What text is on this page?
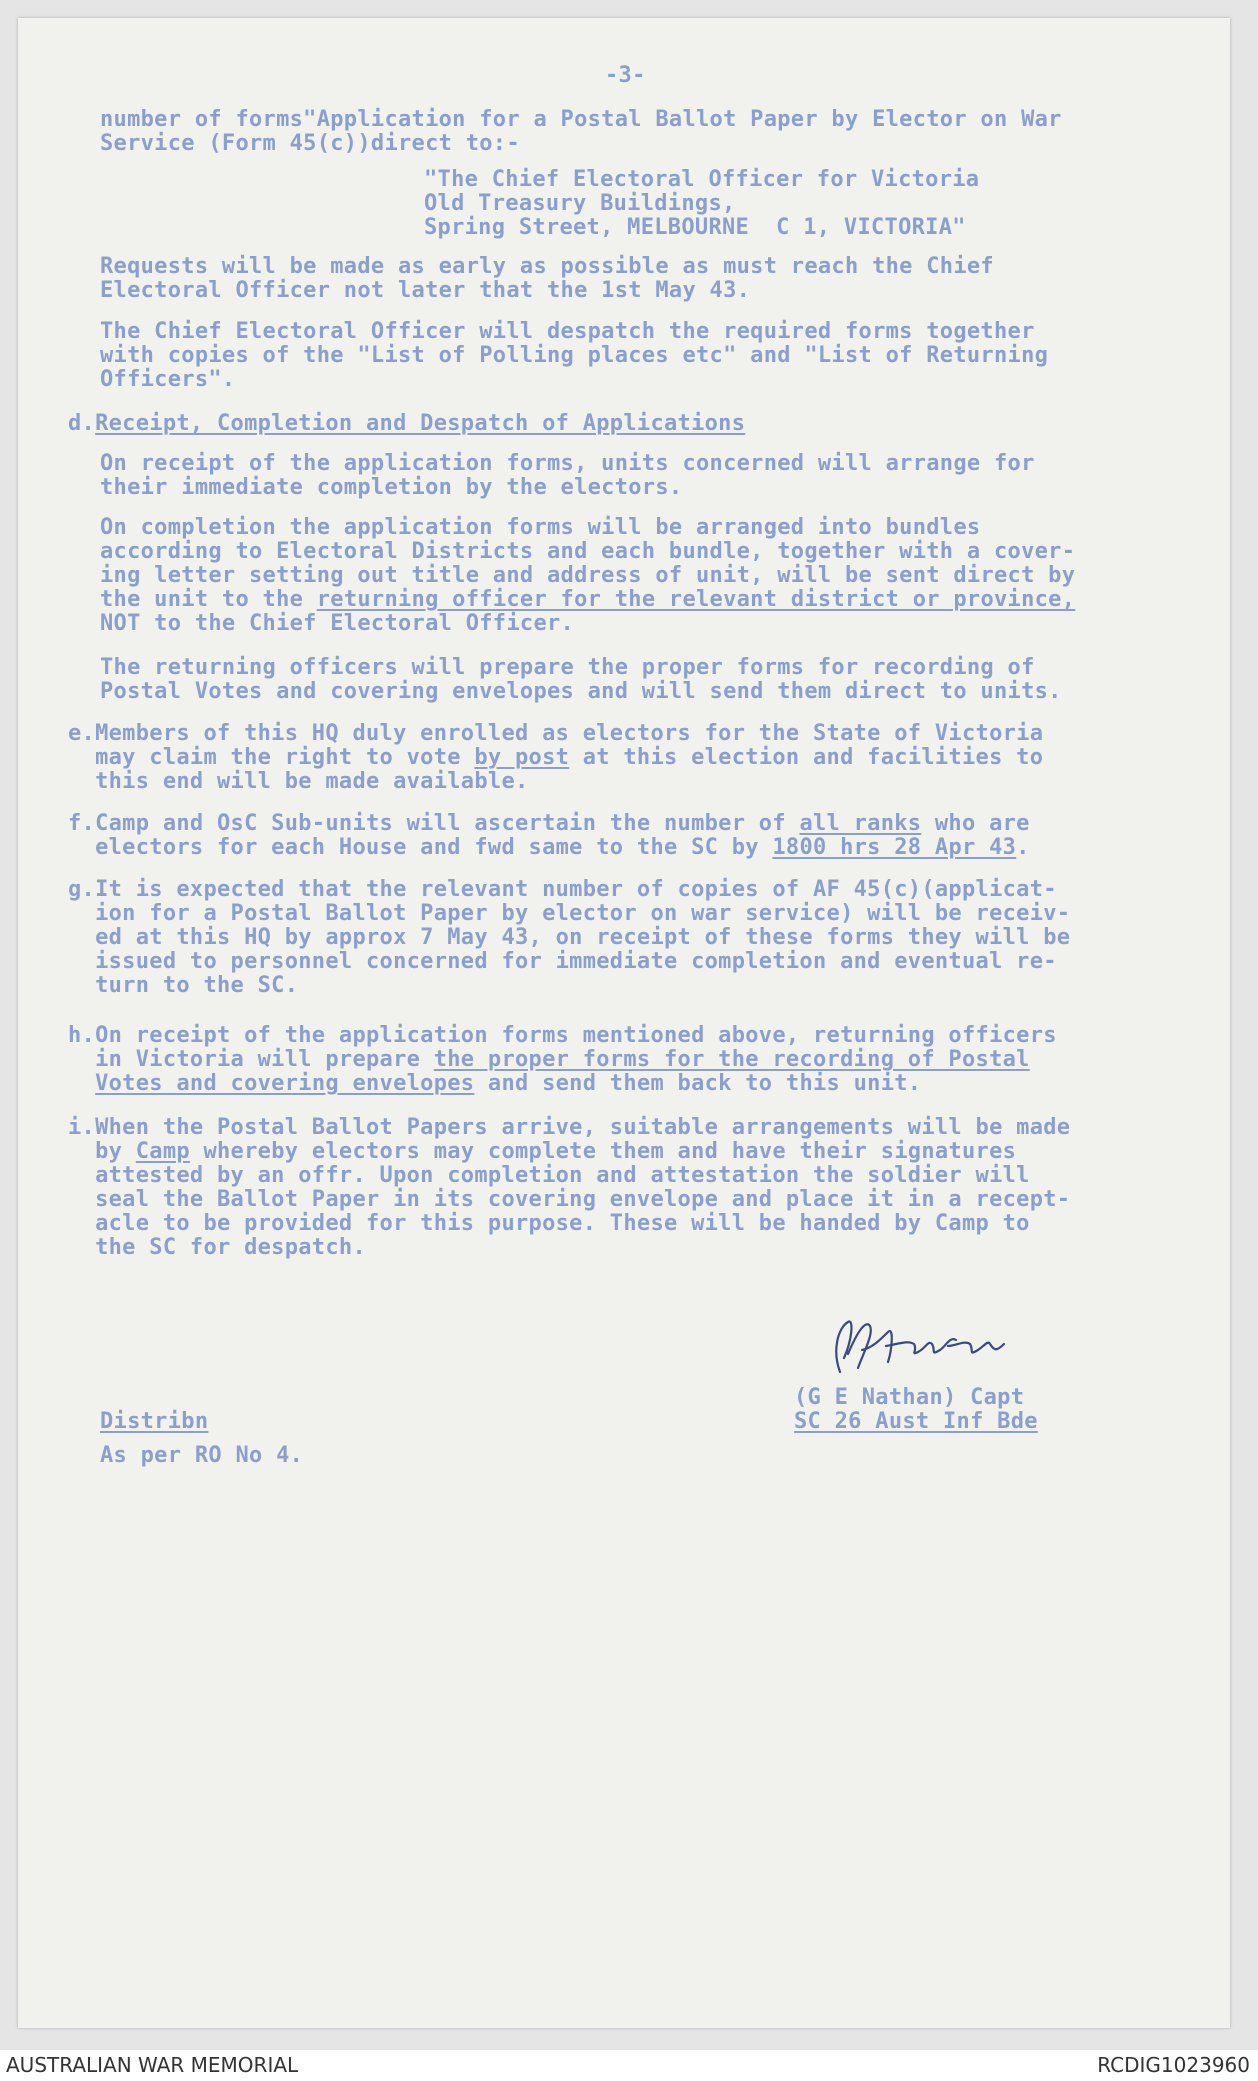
-3-
number of forms"Application for a Postal Ballot Paper by Elector on War
Service (Form 45(c))direct to:-
"The Chief Electoral Officer for Victoria
Old Treasury Buildings,
Spring Street, MELBOURNE  C 1, VICTORIA"
Requests will be made as early as possible as must reach the Chief
Electoral Officer not later that the 1st May 43.
The Chief Electoral Officer will despatch the required forms together
with copies of the "List of Polling places etc" and "List of Returning
Officers".
d.Receipt, Completion and Despatch of Applications
On receipt of the application forms, units concerned will arrange for
their immediate completion by the electors.
On completion the application forms will be arranged into bundles
according to Electoral Districts and each bundle, together with a cover-
ing letter setting out title and address of unit, will be sent direct by
the unit to the returning officer for the relevant district or province,
NOT to the Chief Electoral Officer.
The returning officers will prepare the proper forms for recording of
Postal Votes and covering envelopes and will send them direct to units.
e.Members of this HQ duly enrolled as electors for the State of Victoria
may claim the right to vote by post at this election and facilities to
this end will be made available.
f.Camp and OsC Sub-units will ascertain the number of all ranks who are
electors for each House and fwd same to the SC by 1800 hrs 28 Apr 43.
g.It is expected that the relevant number of copies of AF 45(c)(applicat-
ion for a Postal Ballot Paper by elector on war service) will be receiv-
ed at this HQ by approx 7 May 43, on receipt of these forms they will be
issued to personnel concerned for immediate completion and eventual re-
turn to the SC.
h.On receipt of the application forms mentioned above, returning officers
in Victoria will prepare the proper forms for the recording of Postal
Votes and covering envelopes and send them back to this unit.
i.When the Postal Ballot Papers arrive, suitable arrangements will be made
by Camp whereby electors may complete them and have their signatures
attested by an offr. Upon completion and attestation the soldier will
seal the Ballot Paper in its covering envelope and place it in a recept-
acle to be provided for this purpose. These will be handed by Camp to
the SC for despatch.
(G E Nathan) Capt
SC 26 Aust Inf Bde
Distribn
As per RO No 4.
AUSTRALIAN WAR MEMORIAL	RCDIG1023960
